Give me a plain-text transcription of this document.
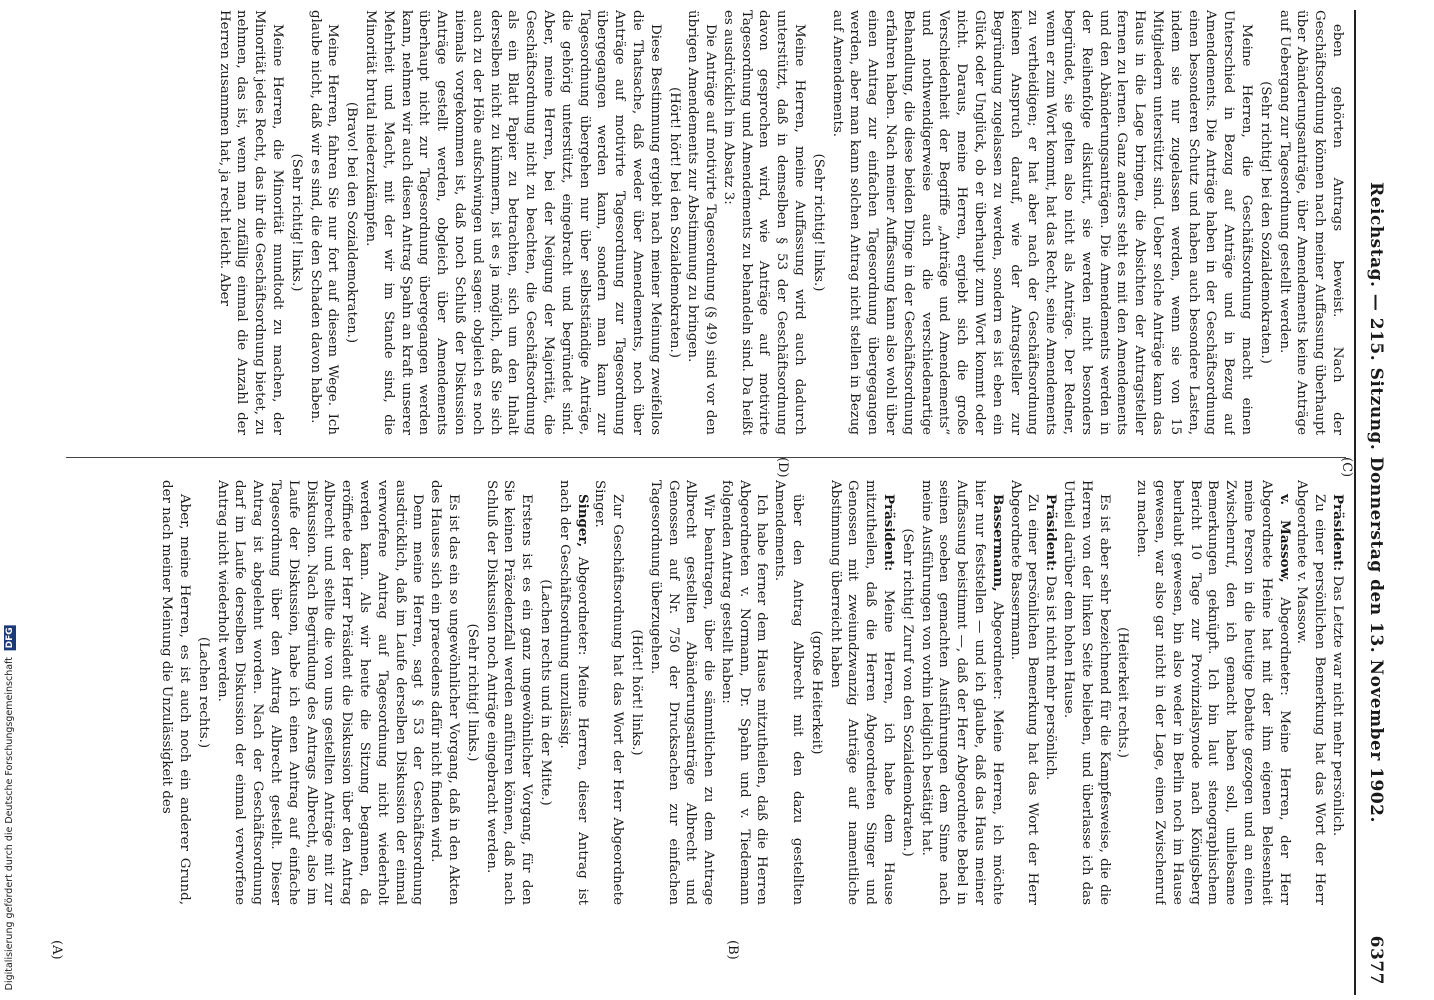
Reichstag. — 215. Sitzung. Donnerstag den 13. November 1902.
6377
(C)
(D)
(A)	(B)

eben gehörten Antrags beweist. Nach der Geschäftsordnung können nach meiner Auffassung überhaupt über Abänderungsanträge, über Amendements keine Anträge auf Uebergang zur Tagesordnung gestellt werden.

(Sehr richtig! bei den Sozialdemokraten.)

Meine Herren, die Geschäftsordnung macht einen Unterschied in Bezug auf Anträge und in Bezug auf Amendements. Die Anträge haben in der Geschäftsordnung einen besonderen Schutz und haben auch besondere Lasten, indem sie nur zugelassen werden, wenn sie von 15 Mitgliedern unterstützt sind. Ueber solche Anträge kann das Haus in die Lage bringen, die Absichten der Antragsteller fernen zu lernen. Ganz anders steht es mit den Amendements und den Abänderungsanträgen. Die Amendements werden in der Reihenfolge diskutirt, sie werden nicht besonders begründet, sie gelten also nicht als Anträge. Der Redner, wenn er zum Wort kommt, hat das Recht, seine Amendements zu vertheidigen; er hat aber nach der Geschäftsordnung keinen Anspruch darauf, wie der Antragsteller zur Begründung zugelassen zu werden, sondern es ist eben ein Glück oder Unglück, ob er überhaupt zum Wort kommt oder nicht. Daraus, meine Herren, ergiebt sich die große Verschiedenheit der Begriffe „Anträge und Amendements“ und nothwendigerweise auch die verschiedenartige Behandlung, die diese beiden Dinge in der Geschäftsordnung erfahren haben. Nach meiner Auffassung kann also wohl über einen Antrag zur einfachen Tagesordnung übergegangen werden, aber man kann solchen Antrag nicht stellen in Bezug auf Amendements.

(Sehr richtig! links.)

Meine Herren, meine Auffassung wird auch dadurch unterstützt, daß in demselben § 53 der Geschäftsordnung davon gesprochen wird, wie Anträge auf motivirte Tagesordnung und Amendements zu behandeln sind. Da heißt es ausdrücklich im Absatz 3:

Die Anträge auf motivirte Tagesordnung (§ 49) sind vor den übrigen Amendements zur Abstimmung zu bringen.

(Hört! hört! bei den Sozialdemokraten.)

Diese Bestimmung ergiebt nach meiner Meinung zweifellos die Thatsache, daß weder über Amendements, noch über Anträge auf motivirte Tagesordnung zur Tagesordnung übergegangen werden kann, sondern man kann zur Tagesordnung übergehen nur über selbstständige Anträge, die gehörig unterstützt, eingebracht und begründet sind. Aber, meine Herren, bei der Neigung der Majorität, die Geschäftsordnung nicht zu beachten, die Geschäftsordnung als ein Blatt Papier zu betrachten, sich um den Inhalt derselben nicht zu kümmern, ist es ja möglich, daß Sie sich auch zu der Höhe aufschwingen und sagen: obgleich es noch niemals vorgekommen ist, daß noch Schluß der Diskussion Anträge gestellt werden, obgleich über Amendements überhaupt nicht zur Tagesordnung übergegangen werden kann, nehmen wir auch diesen Antrag Spahn an kraft unserer Mehrheit und Macht, mit der wir im Stande sind, die Minorität brutal niederzukämpfen.

(Bravo! bei den Sozialdemokraten.)

Meine Herren, fahren Sie nur fort auf diesem Wege. Ich glaube nicht, daß wir es sind, die den Schaden davon haben.

(Sehr richtig! links.)

Meine Herren, die Minorität mundtodt zu machen, der Minorität jedes Recht, das ihr die Geschäftsordnung bietet, zu nehmen, das ist, wenn man zufällig einmal die Anzahl der Herren zusammen hat, ja recht leicht. Aber

Präsident: Das Letzte war nicht mehr persönlich.

Zu einer persönlichen Bemerkung hat das Wort der Herr Abgeordnete v. Massow.

v. Massow, Abgeordneter: Meine Herren, der Herr Abgeordnete Heine hat mit der ihm eigenen Belesenheit meine Person in die heutige Debatte gezogen und an einen Zwischenruf, den ich gemacht haben soll, unliebsame Bemerkungen geknüpft. Ich bin laut stenographischem Bericht 10 Tage zur Provinzialsynode nach Königsberg beurlaubt gewesen, bin also weder in Berlin noch im Hause gewesen, war also gar nicht in der Lage, einen Zwischenruf zu machen.

(Heiterkeit rechts.)

Es ist aber sehr bezeichnend für die Kampfesweise, die die Herren von der linken Seite belieben, und überlasse ich das Urtheil darüber dem hohen Hause.

Präsident: Das ist nicht mehr persönlich.

Zu einer persönlichen Bemerkung hat das Wort der Herr Abgeordnete Bassermann.

Bassermann, Abgeordneter: Meine Herren, ich möchte hier nur feststellen — und ich glaube, daß das Haus meiner Auffassung beistimmt —, daß der Herr Abgeordnete Bebel in seinen soeben gemachten Ausführungen dem Sinne nach meine Ausführungen von vorhin lediglich bestätigt hat.

(Sehr richtig! Zuruf von den Sozialdemokraten.)

Präsident: Meine Herren, ich habe dem Hause mitzutheilen, daß die Herren Abgeordneten Singer und Genossen mit zweiundzwanzig Anträge auf namentliche Abstimmung überreicht haben

(große Heiterkeit)

über den Antrag Albrecht mit den dazu gestellten Amendements.

Ich habe ferner dem Hause mitzutheilen, daß die Herren Abgeordneten v. Normann, Dr. Spahn und v. Tiedemann folgenden Antrag gestellt haben:

Wir beantragen, über die sämmtlichen zu dem Antrage Albrecht gestellten Abänderungsanträge Albrecht und Genossen auf Nr. 750 der Drucksachen zur einfachen Tagesordnung überzugehen.

(Hört! hört! links.)

Zur Geschäftsordnung hat das Wort der Herr Abgeordnete Singer.

Singer, Abgeordneter: Meine Herren, dieser Antrag ist nach der Geschäftsordnung unzulässig.

(Lachen rechts und in der Mitte.)

Erstens ist es ein ganz ungewöhnlicher Vorgang, für den Sie keinen Präzedenzfall werden anführen können, daß nach Schluß der Diskussion noch Anträge eingebracht werden.

(Sehr richtig! links.)

Es ist das ein so ungewöhnlicher Vorgang, daß in den Akten des Hauses sich ein praecedens dafür nicht finden wird.

Denn meine Herren, sagt § 53 der Geschäftsordnung ausdrücklich, daß im Laufe derselben Diskussion der einmal verworfene Antrag auf Tagesordnung nicht wiederholt werden kann. Als wir heute die Sitzung begannen, da eröffnete der Herr Präsident die Diskussion über den Antrag Albrecht und stellte die von uns gestellten Anträge mit zur Diskussion. Nach Begründung des Antrags Albrecht, also im Laufe der Diskussion, habe ich einen Antrag auf einfache Tagesordnung über den Antrag Albrecht gestellt. Dieser Antrag ist abgelehnt worden. Nach der Geschäftsordnung darf im Laufe derselben Diskussion der einmal verworfene Antrag nicht wiederholt werden.

(Lachen rechts.)

Aber, meine Herren, es ist auch noch ein anderer Grund, der nach meiner Meinung die Unzulässigkeit des

Digitalisierung gefördert durch die Deutsche Forschungsgemeinschaft DFG
